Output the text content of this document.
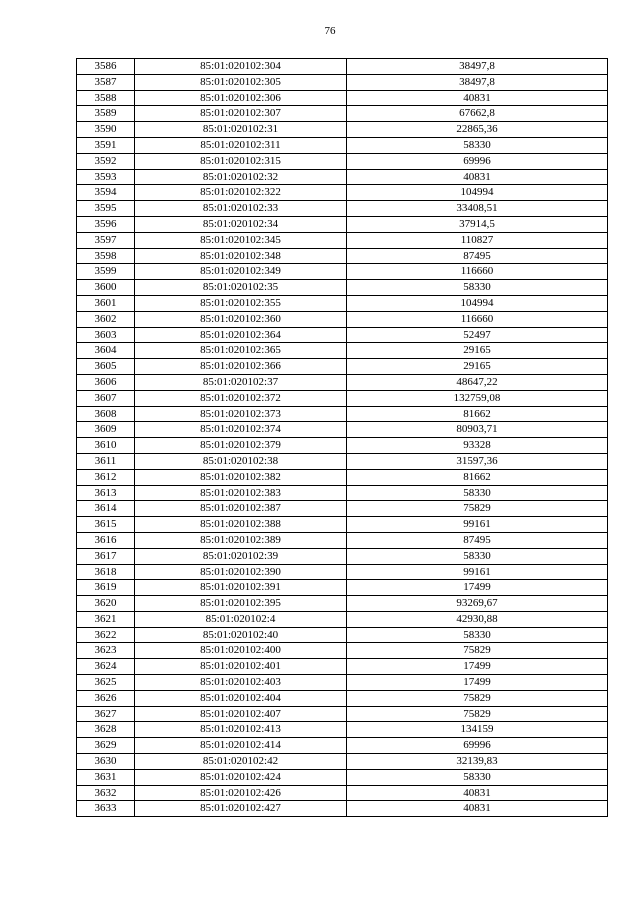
76
3586	85:01:020102:304	38497,8
3587	85:01:020102:305	38497,8
3588	85:01:020102:306	40831
3589	85:01:020102:307	67662,8
3590	85:01:020102:31	22865,36
3591	85:01:020102:311	58330
3592	85:01:020102:315	69996
3593	85:01:020102:32	40831
3594	85:01:020102:322	104994
3595	85:01:020102:33	33408,51
3596	85:01:020102:34	37914,5
3597	85:01:020102:345	110827
3598	85:01:020102:348	87495
3599	85:01:020102:349	116660
3600	85:01:020102:35	58330
3601	85:01:020102:355	104994
3602	85:01:020102:360	116660
3603	85:01:020102:364	52497
3604	85:01:020102:365	29165
3605	85:01:020102:366	29165
3606	85:01:020102:37	48647,22
3607	85:01:020102:372	132759,08
3608	85:01:020102:373	81662
3609	85:01:020102:374	80903,71
3610	85:01:020102:379	93328
3611	85:01:020102:38	31597,36
3612	85:01:020102:382	81662
3613	85:01:020102:383	58330
3614	85:01:020102:387	75829
3615	85:01:020102:388	99161
3616	85:01:020102:389	87495
3617	85:01:020102:39	58330
3618	85:01:020102:390	99161
3619	85:01:020102:391	17499
3620	85:01:020102:395	93269,67
3621	85:01:020102:4	42930,88
3622	85:01:020102:40	58330
3623	85:01:020102:400	75829
3624	85:01:020102:401	17499
3625	85:01:020102:403	17499
3626	85:01:020102:404	75829
3627	85:01:020102:407	75829
3628	85:01:020102:413	134159
3629	85:01:020102:414	69996
3630	85:01:020102:42	32139,83
3631	85:01:020102:424	58330
3632	85:01:020102:426	40831
3633	85:01:020102:427	40831
